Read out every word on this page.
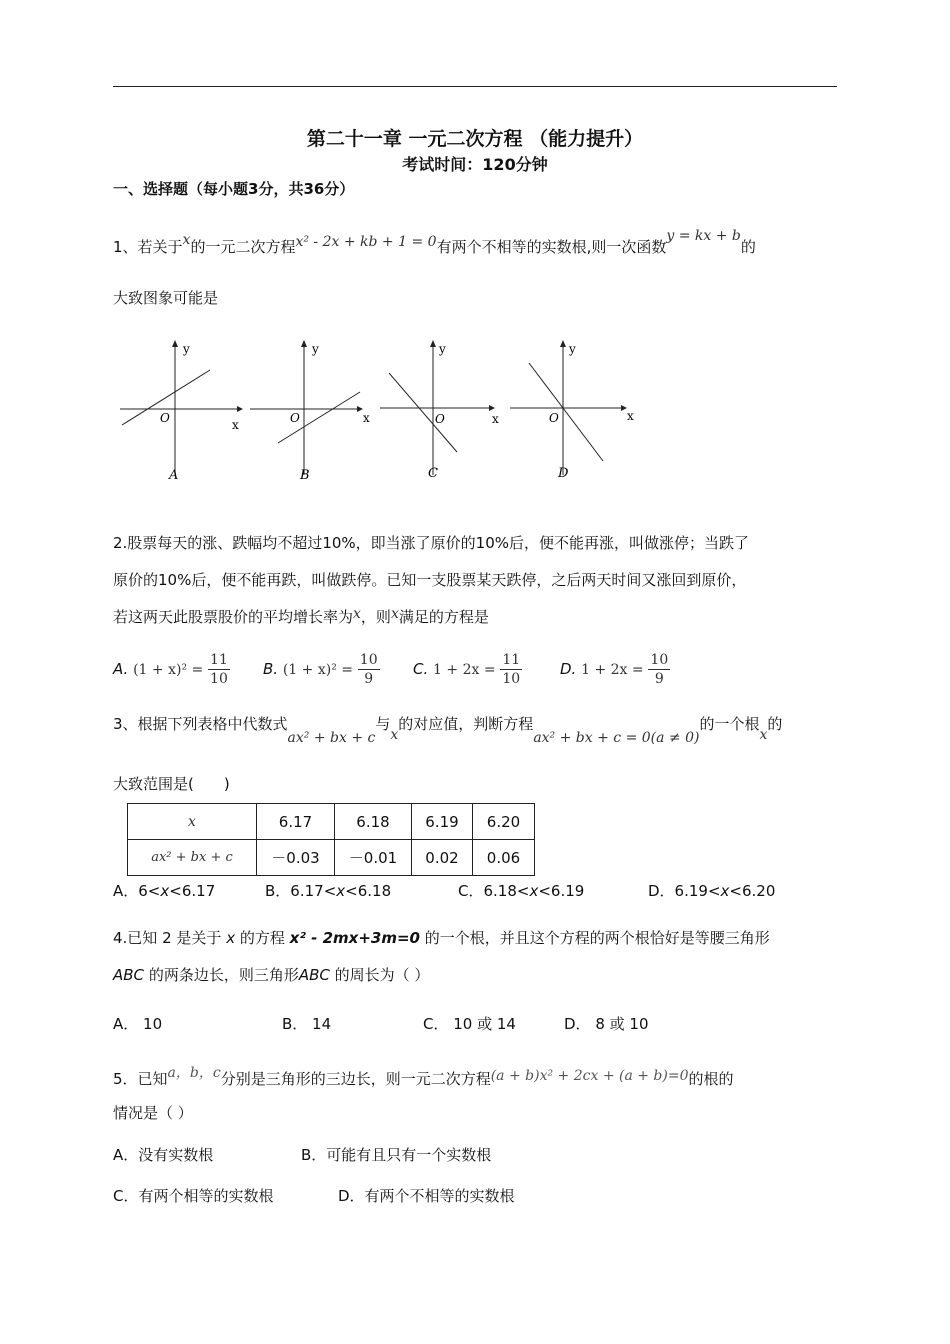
第二十一章 一元二次方程 （能力提升）
考试时间：120分钟
一、选择题（每小题3分，共36分）
1、若关于x的一元二次方程x² - 2x + kb + 1 = 0有两个不相等的实数根,则一次函数y = kx + b的
大致图象可能是
y
x
O
A
y
x
O
B
y
x
O
C
y
x
O
D
2.股票每天的涨、跌幅均不超过10%，即当涨了原价的10%后，便不能再涨，叫做涨停；当跌了
原价的10%后，便不能再跌，叫做跌停。已知一支股票某天跌停，之后两天时间又涨回到原价，
若这两天此股票股价的平均增长率为x，则x满足的方程是
A. $(1 + x)^2 = \frac{11}{10} B$. $(1 + x)^2 = \frac{10}{9} C$. $1 + 2x = \frac{11}{10}$	D. $1 + 2x = \frac{10}{9}$
3、根据下列表格中代数式ax² + bx + c与x的对应值，判断方程ax² + bx + c = 0(a ≠ 0)的一个根x的
大致范围是(　　)
x	6.17	6.18	6.19	6.20
ax² + bx + c	－0.03	－0.01	0.02	0.06
A．6<x<6.17	B．6.17<x<6.18	C．6.18<x<6.19	D．6.19<x<6.20
4.已知 2 是关于 x 的方程 x² - 2mx+3m=0 的一个根，并且这个方程的两个根恰好是等腰三角形
ABC 的两条边长，则三角形ABC 的周长为（ ）
A． 10	B． 14	C． 10 或 14	D． 8 或 10
5．已知a，b，c分别是三角形的三边长，则一元二次方程(a + b)x² + 2cx + (a + b)=0的根的
情况是（ ）
A．没有实数根	B．可能有且只有一个实数根
C．有两个相等的实数根	D．有两个不相等的实数根
